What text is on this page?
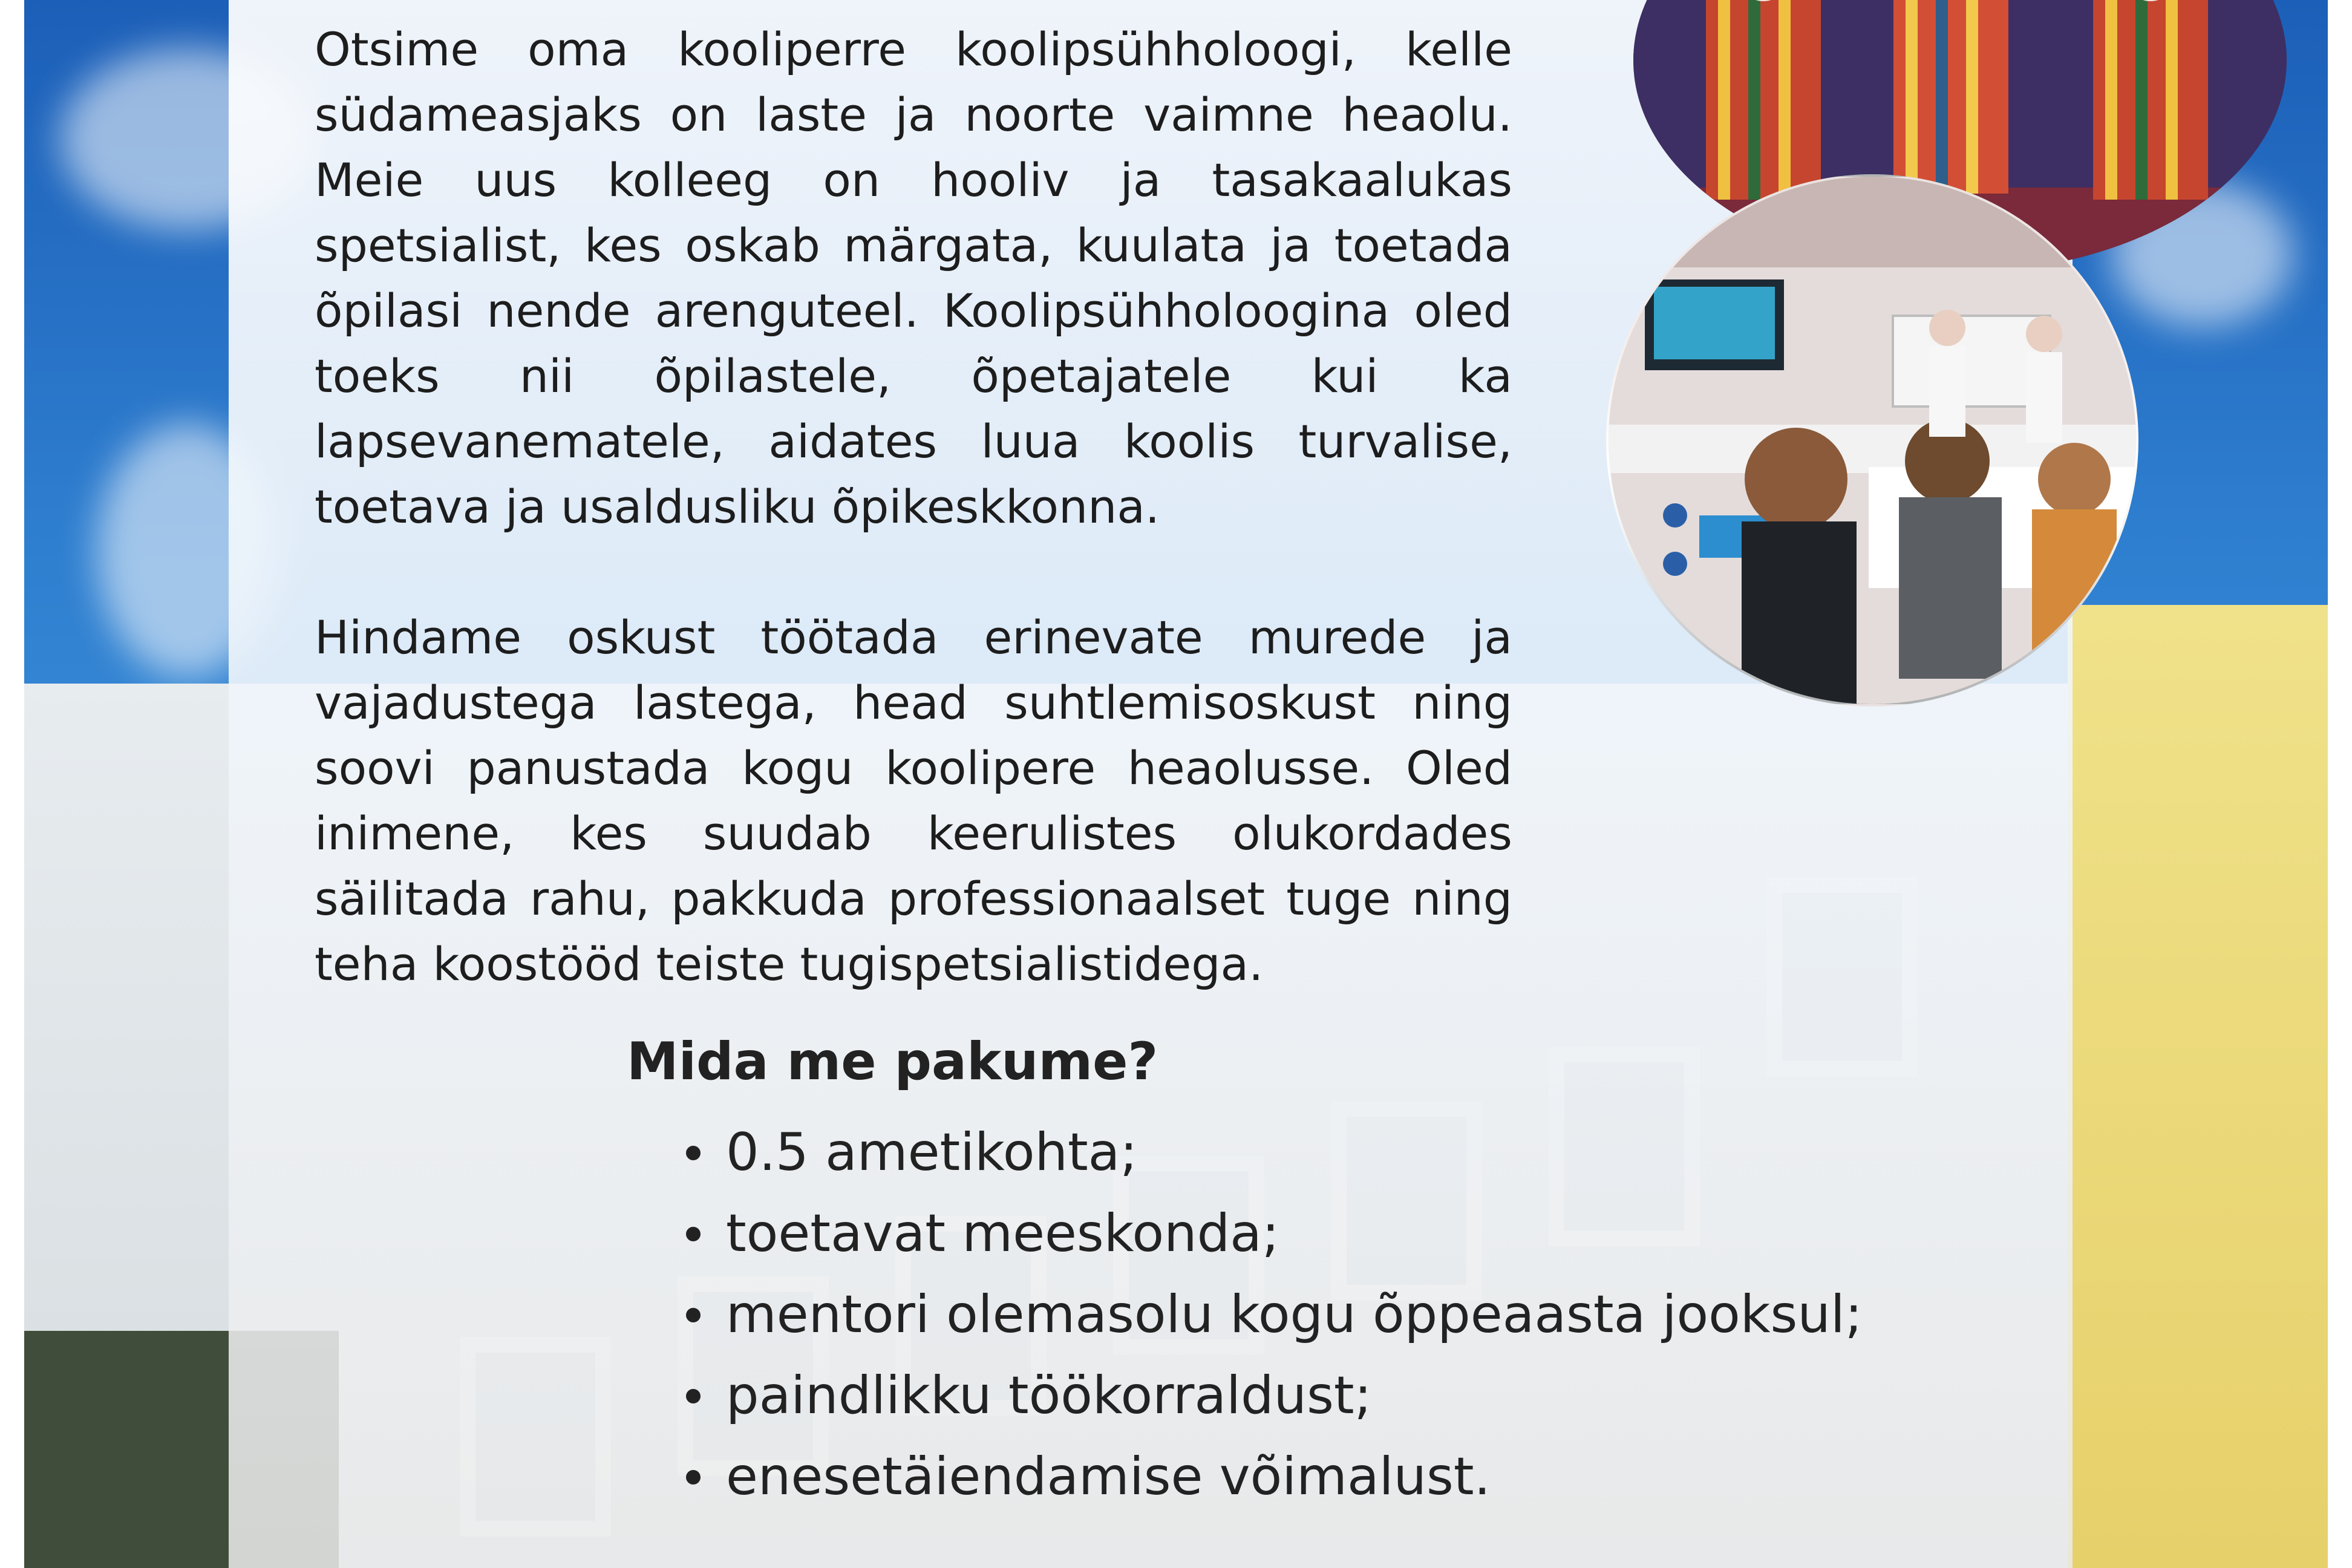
Otsime oma kooliperre koolipsühholoogi, kelle südameasjaks on laste ja noorte vaimne heaolu. Meie uus kolleeg on hooliv ja tasakaalukas spetsialist, kes oskab märgata, kuulata ja toetada õpilasi nende arenguteel. Koolipsühholoogina oled toeks nii õpilastele, õpetajatele kui ka lapsevanematele, aidates luua koolis turvalise, toetava ja usaldusliku õpikeskkonna.

Hindame oskust töötada erinevate murede ja vajadustega lastega, head suhtlemisoskust ning soovi panustada kogu koolipere heaolusse. Oled inimene, kes suudab keerulistes olukordades säilitada rahu, pakkuda professionaalset tuge ning teha koostööd teiste tugispetsialistidega.

Mida me pakume?
0.5 ametikohta;
toetavat meeskonda;
mentori olemasolu kogu õppeaasta jooksul;
paindlikku töökorraldust;
enesetäiendamise võimalust.
